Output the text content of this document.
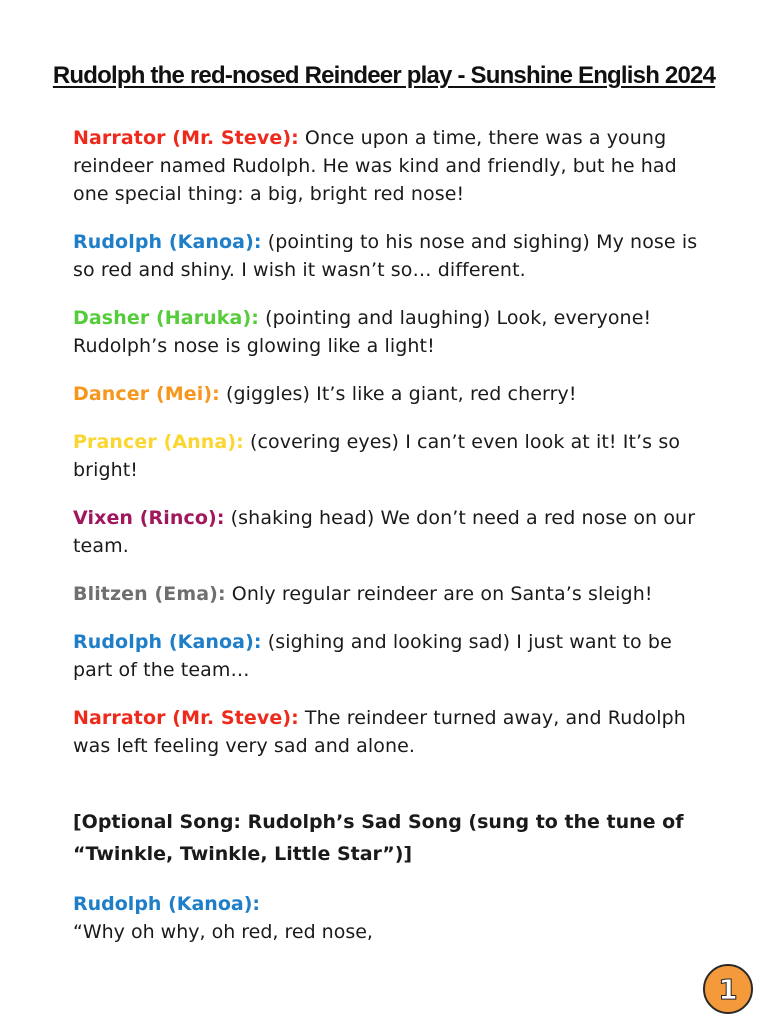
Rudolph the red-nosed Reindeer play - Sunshine English 2024

Narrator (Mr. Steve): Once upon a time, there was a young reindeer named Rudolph. He was kind and friendly, but he had one special thing: a big, bright red nose!

Rudolph (Kanoa): (pointing to his nose and sighing) My nose is so red and shiny. I wish it wasn’t so… different.

Dasher (Haruka): (pointing and laughing) Look, everyone! Rudolph’s nose is glowing like a light!

Dancer (Mei): (giggles) It’s like a giant, red cherry!

Prancer (Anna): (covering eyes) I can’t even look at it! It’s so bright!

Vixen (Rinco): (shaking head) We don’t need a red nose on our team.

Blitzen (Ema): Only regular reindeer are on Santa’s sleigh!

Rudolph (Kanoa): (sighing and looking sad) I just want to be part of the team…

Narrator (Mr. Steve): The reindeer turned away, and Rudolph was left feeling very sad and alone.

[Optional Song: Rudolph’s Sad Song (sung to the tune of “Twinkle, Twinkle, Little Star”)]

Rudolph (Kanoa):

“Why oh why, oh red, red nose,

1
